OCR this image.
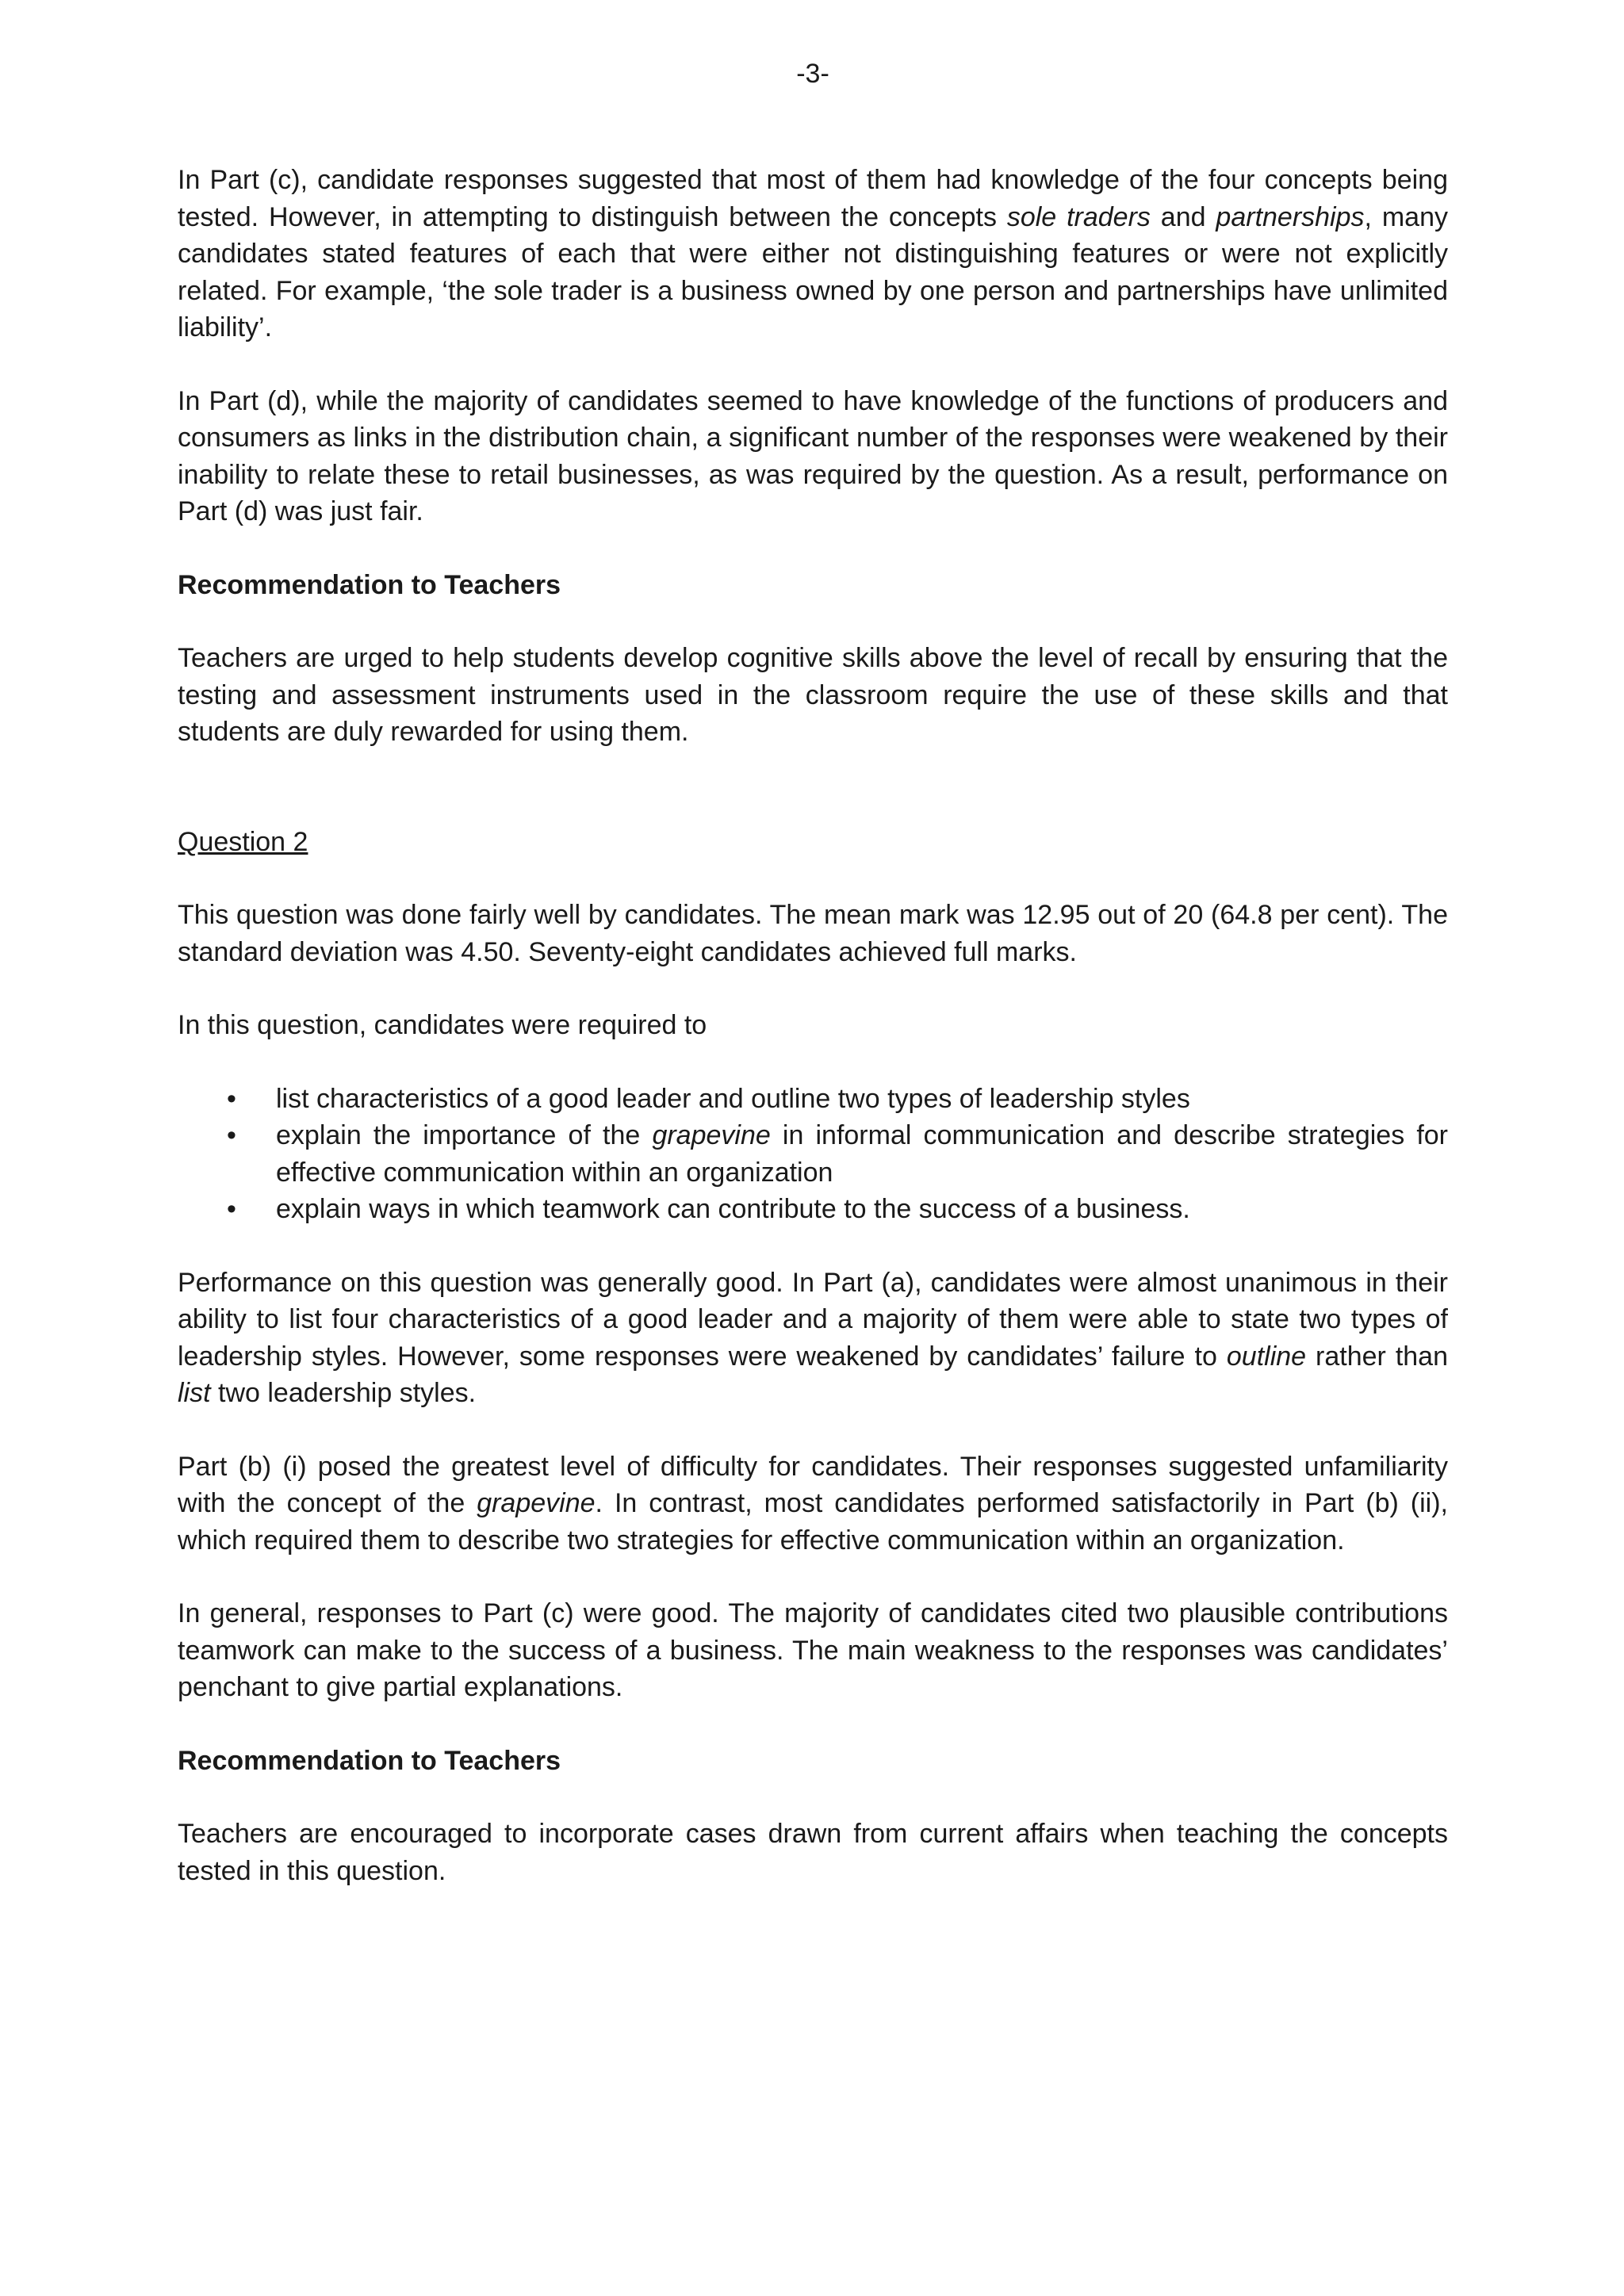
-3-

In Part (c), candidate responses suggested that most of them had knowledge of the four concepts being tested. However, in attempting to distinguish between the concepts sole traders and partnerships, many candidates stated features of each that were either not distinguishing features or were not explicitly related. For example, ‘the sole trader is a business owned by one person and partnerships have unlimited liability’.

In Part (d), while the majority of candidates seemed to have knowledge of the functions of producers and consumers as links in the distribution chain, a significant number of the responses were weakened by their inability to relate these to retail businesses, as was required by the question. As a result, performance on Part (d) was just fair.

Recommendation to Teachers

Teachers are urged to help students develop cognitive skills above the level of recall by ensuring that the testing and assessment instruments used in the classroom require the use of these skills and that students are duly rewarded for using them.

Question 2

This question was done fairly well by candidates. The mean mark was 12.95 out of 20 (64.8 per cent). The standard deviation was 4.50. Seventy-eight candidates achieved full marks.

In this question, candidates were required to

• list characteristics of a good leader and outline two types of leadership styles
• explain the importance of the grapevine in informal communication and describe strategies for effective communication within an organization
• explain ways in which teamwork can contribute to the success of a business.

Performance on this question was generally good. In Part (a), candidates were almost unanimous in their ability to list four characteristics of a good leader and a majority of them were able to state two types of leadership styles. However, some responses were weakened by candidates’ failure to outline rather than list two leadership styles.

Part (b) (i) posed the greatest level of difficulty for candidates. Their responses suggested unfamiliarity with the concept of the grapevine. In contrast, most candidates performed satisfactorily in Part (b) (ii), which required them to describe two strategies for effective communication within an organization.

In general, responses to Part (c) were good. The majority of candidates cited two plausible contributions teamwork can make to the success of a business. The main weakness to the responses was candidates’ penchant to give partial explanations.

Recommendation to Teachers

Teachers are encouraged to incorporate cases drawn from current affairs when teaching the concepts tested in this question.
